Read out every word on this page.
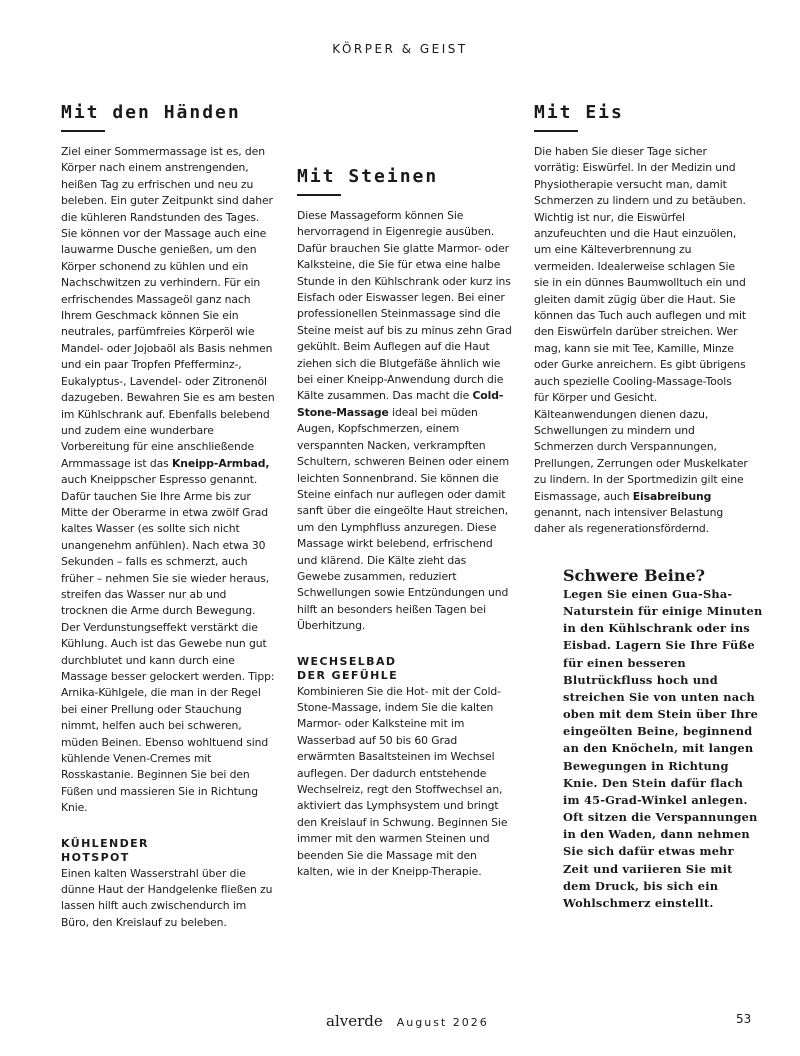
KÖRPER & GEIST
Mit den Händen

Ziel einer Sommermassage ist es, den Körper nach einem anstrengenden, heißen Tag zu erfrischen und neu zu beleben. Ein guter Zeitpunkt sind daher die kühleren Randstunden des Tages. Sie können vor der Massage auch eine lauwarme Dusche genießen, um den Körper schonend zu kühlen und ein Nachschwitzen zu verhindern. Für ein erfrischendes Massageöl ganz nach Ihrem Geschmack können Sie ein neutrales, parfümfreies Körperöl wie Mandel- oder Jojobaöl als Basis nehmen und ein paar Tropfen Pfefferminz-, Eukalyptus-, Lavendel- oder Zitronenöl dazugeben. Bewahren Sie es am besten im Kühlschrank auf. Ebenfalls belebend und zudem eine wunderbare Vorbereitung für eine anschließende Armmassage ist das Kneipp-Armbad, auch Kneippscher Espresso genannt. Dafür tauchen Sie Ihre Arme bis zur Mitte der Oberarme in etwa zwölf Grad kaltes Wasser (es sollte sich nicht unangenehm anfühlen). Nach etwa 30 Sekunden – falls es schmerzt, auch früher – nehmen Sie sie wieder heraus, streifen das Wasser nur ab und trocknen die Arme durch Bewegung. Der Verdunstungseffekt verstärkt die Kühlung. Auch ist das Gewebe nun gut durchblutet und kann durch eine Massage besser gelockert werden. Tipp: Arnika-Kühlgele, die man in der Regel bei einer Prellung oder Stauchung nimmt, helfen auch bei schweren, müden Beinen. Ebenso wohltuend sind kühlende Venen-Cremes mit Rosskastanie. Beginnen Sie bei den Füßen und massieren Sie in Richtung Knie.

KÜHLENDER
HOTSPOT

Einen kalten Wasserstrahl über die dünne Haut der Handgelenke fließen zu lassen hilft auch zwischendurch im Büro, den Kreislauf zu beleben.

Mit Steinen

Diese Massageform können Sie hervorragend in Eigenregie ausüben. Dafür brauchen Sie glatte Marmor- oder Kalksteine, die Sie für etwa eine halbe Stunde in den Kühlschrank oder kurz ins Eisfach oder Eiswasser legen. Bei einer professionellen Steinmassage sind die Steine meist auf bis zu minus zehn Grad gekühlt. Beim Auflegen auf die Haut ziehen sich die Blutgefäße ähnlich wie bei einer Kneipp-Anwendung durch die Kälte zusammen. Das macht die Cold-Stone-Massage ideal bei müden Augen, Kopfschmerzen, einem verspannten Nacken, verkrampften Schultern, schweren Beinen oder einem leichten Sonnenbrand. Sie können die Steine einfach nur auflegen oder damit sanft über die eingeölte Haut streichen, um den Lymphfluss anzuregen. Diese Massage wirkt belebend, erfrischend und klärend. Die Kälte zieht das Gewebe zusammen, reduziert Schwellungen sowie Entzündungen und hilft an besonders heißen Tagen bei Überhitzung.

WECHSELBAD
DER GEFÜHLE

Kombinieren Sie die Hot- mit der Cold-Stone-Massage, indem Sie die kalten Marmor- oder Kalksteine mit im Wasserbad auf 50 bis 60 Grad erwärmten Basaltsteinen im Wechsel auflegen. Der dadurch entstehende Wechselreiz, regt den Stoffwechsel an, aktiviert das Lymphsystem und bringt den Kreislauf in Schwung. Beginnen Sie immer mit den warmen Steinen und beenden Sie die Massage mit den kalten, wie in der Kneipp-Therapie.

Mit Eis

Die haben Sie dieser Tage sicher vorrätig: Eiswürfel. In der Medizin und Physiotherapie versucht man, damit Schmerzen zu lindern und zu betäuben. Wichtig ist nur, die Eiswürfel anzufeuchten und die Haut einzuölen, um eine Kälteverbrennung zu vermeiden. Idealerweise schlagen Sie sie in ein dünnes Baumwolltuch ein und gleiten damit zügig über die Haut. Sie können das Tuch auch auflegen und mit den Eiswürfeln darüber streichen. Wer mag, kann sie mit Tee, Kamille, Minze oder Gurke anreichern. Es gibt übrigens auch spezielle Cooling-Massage-Tools für Körper und Gesicht. Kälteanwendungen dienen dazu, Schwellungen zu mindern und Schmerzen durch Verspannungen, Prellungen, Zerrungen oder Muskelkater zu lindern. In der Sportmedizin gilt eine Eismassage, auch Eisabreibung genannt, nach intensiver Belastung daher als regenerationsfördernd.

Schwere Beine?

Legen Sie einen Gua-Sha-Naturstein für einige Minuten in den Kühlschrank oder ins Eisbad. Lagern Sie Ihre Füße für einen besseren Blutrückfluss hoch und streichen Sie von unten nach oben mit dem Stein über Ihre eingeölten Beine, beginnend an den Knöcheln, mit langen Bewegungen in Richtung Knie. Den Stein dafür flach im 45-Grad-Winkel anlegen. Oft sitzen die Verspannungen in den Waden, dann nehmen Sie sich dafür etwas mehr Zeit und variieren Sie mit dem Druck, bis sich ein Wohlschmerz einstellt.

alverde August 2026	53
